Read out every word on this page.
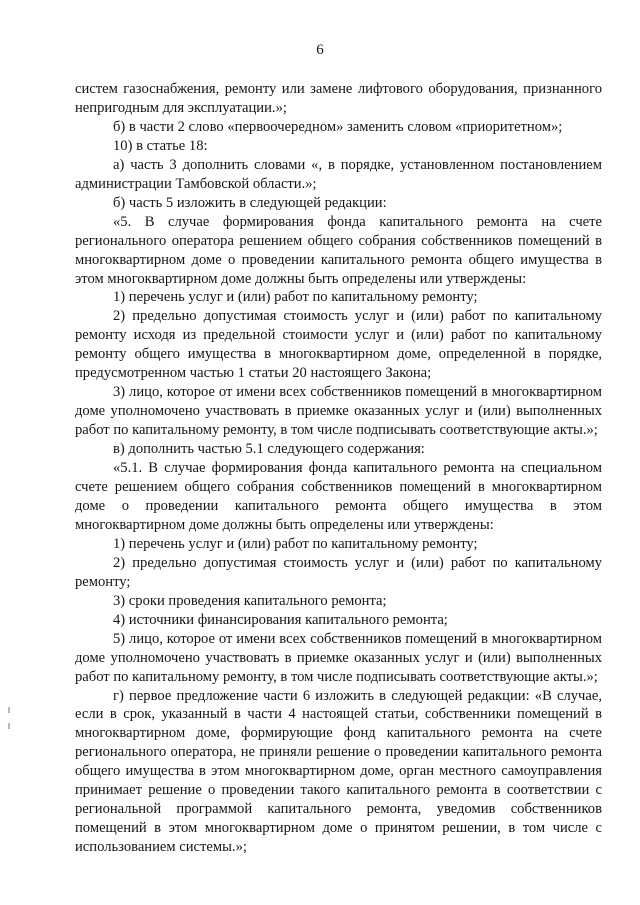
6

систем газоснабжения, ремонту или замене лифтового оборудования, признанного непригодным для эксплуатации.»;

б) в части 2 слово «первоочередном» заменить словом «приоритетном»;

10) в статье 18:

а) часть 3 дополнить словами «, в порядке, установленном постановлением администрации Тамбовской области.»;

б) часть 5 изложить в следующей редакции:

«5. В случае формирования фонда капитального ремонта на счете регионального оператора решением общего собрания собственников помещений в многоквартирном доме о проведении капитального ремонта общего имущества в этом многоквартирном доме должны быть определены или утверждены:

1) перечень услуг и (или) работ по капитальному ремонту;

2) предельно допустимая стоимость услуг и (или) работ по капитальному ремонту исходя из предельной стоимости услуг и (или) работ по капитальному ремонту общего имущества в многоквартирном доме, определенной в порядке, предусмотренном частью 1 статьи 20 настоящего Закона;

3) лицо, которое от имени всех собственников помещений в многоквартирном доме уполномочено участвовать в приемке оказанных услуг и (или) выполненных работ по капитальному ремонту, в том числе подписывать соответствующие акты.»;

в) дополнить частью 5.1 следующего содержания:

«5.1. В случае формирования фонда капитального ремонта на специальном счете решением общего собрания собственников помещений в многоквартирном доме о проведении капитального ремонта общего имущества в этом многоквартирном доме должны быть определены или утверждены:

1) перечень услуг и (или) работ по капитальному ремонту;

2) предельно допустимая стоимость услуг и (или) работ по капитальному ремонту;

3) сроки проведения капитального ремонта;

4) источники финансирования капитального ремонта;

5) лицо, которое от имени всех собственников помещений в многоквартирном доме уполномочено участвовать в приемке оказанных услуг и (или) выполненных работ по капитальному ремонту, в том числе подписывать соответствующие акты.»;

г) первое предложение части 6 изложить в следующей редакции: «В случае, если в срок, указанный в части 4 настоящей статьи, собственники помещений в многоквартирном доме, формирующие фонд капитального ремонта на счете регионального оператора, не приняли решение о проведении капитального ремонта общего имущества в этом многоквартирном доме, орган местного самоуправления принимает решение о проведении такого капитального ремонта в соответствии с региональной программой капитального ремонта, уведомив собственников помещений в этом многоквартирном доме о принятом решении, в том числе с использованием системы.»;
